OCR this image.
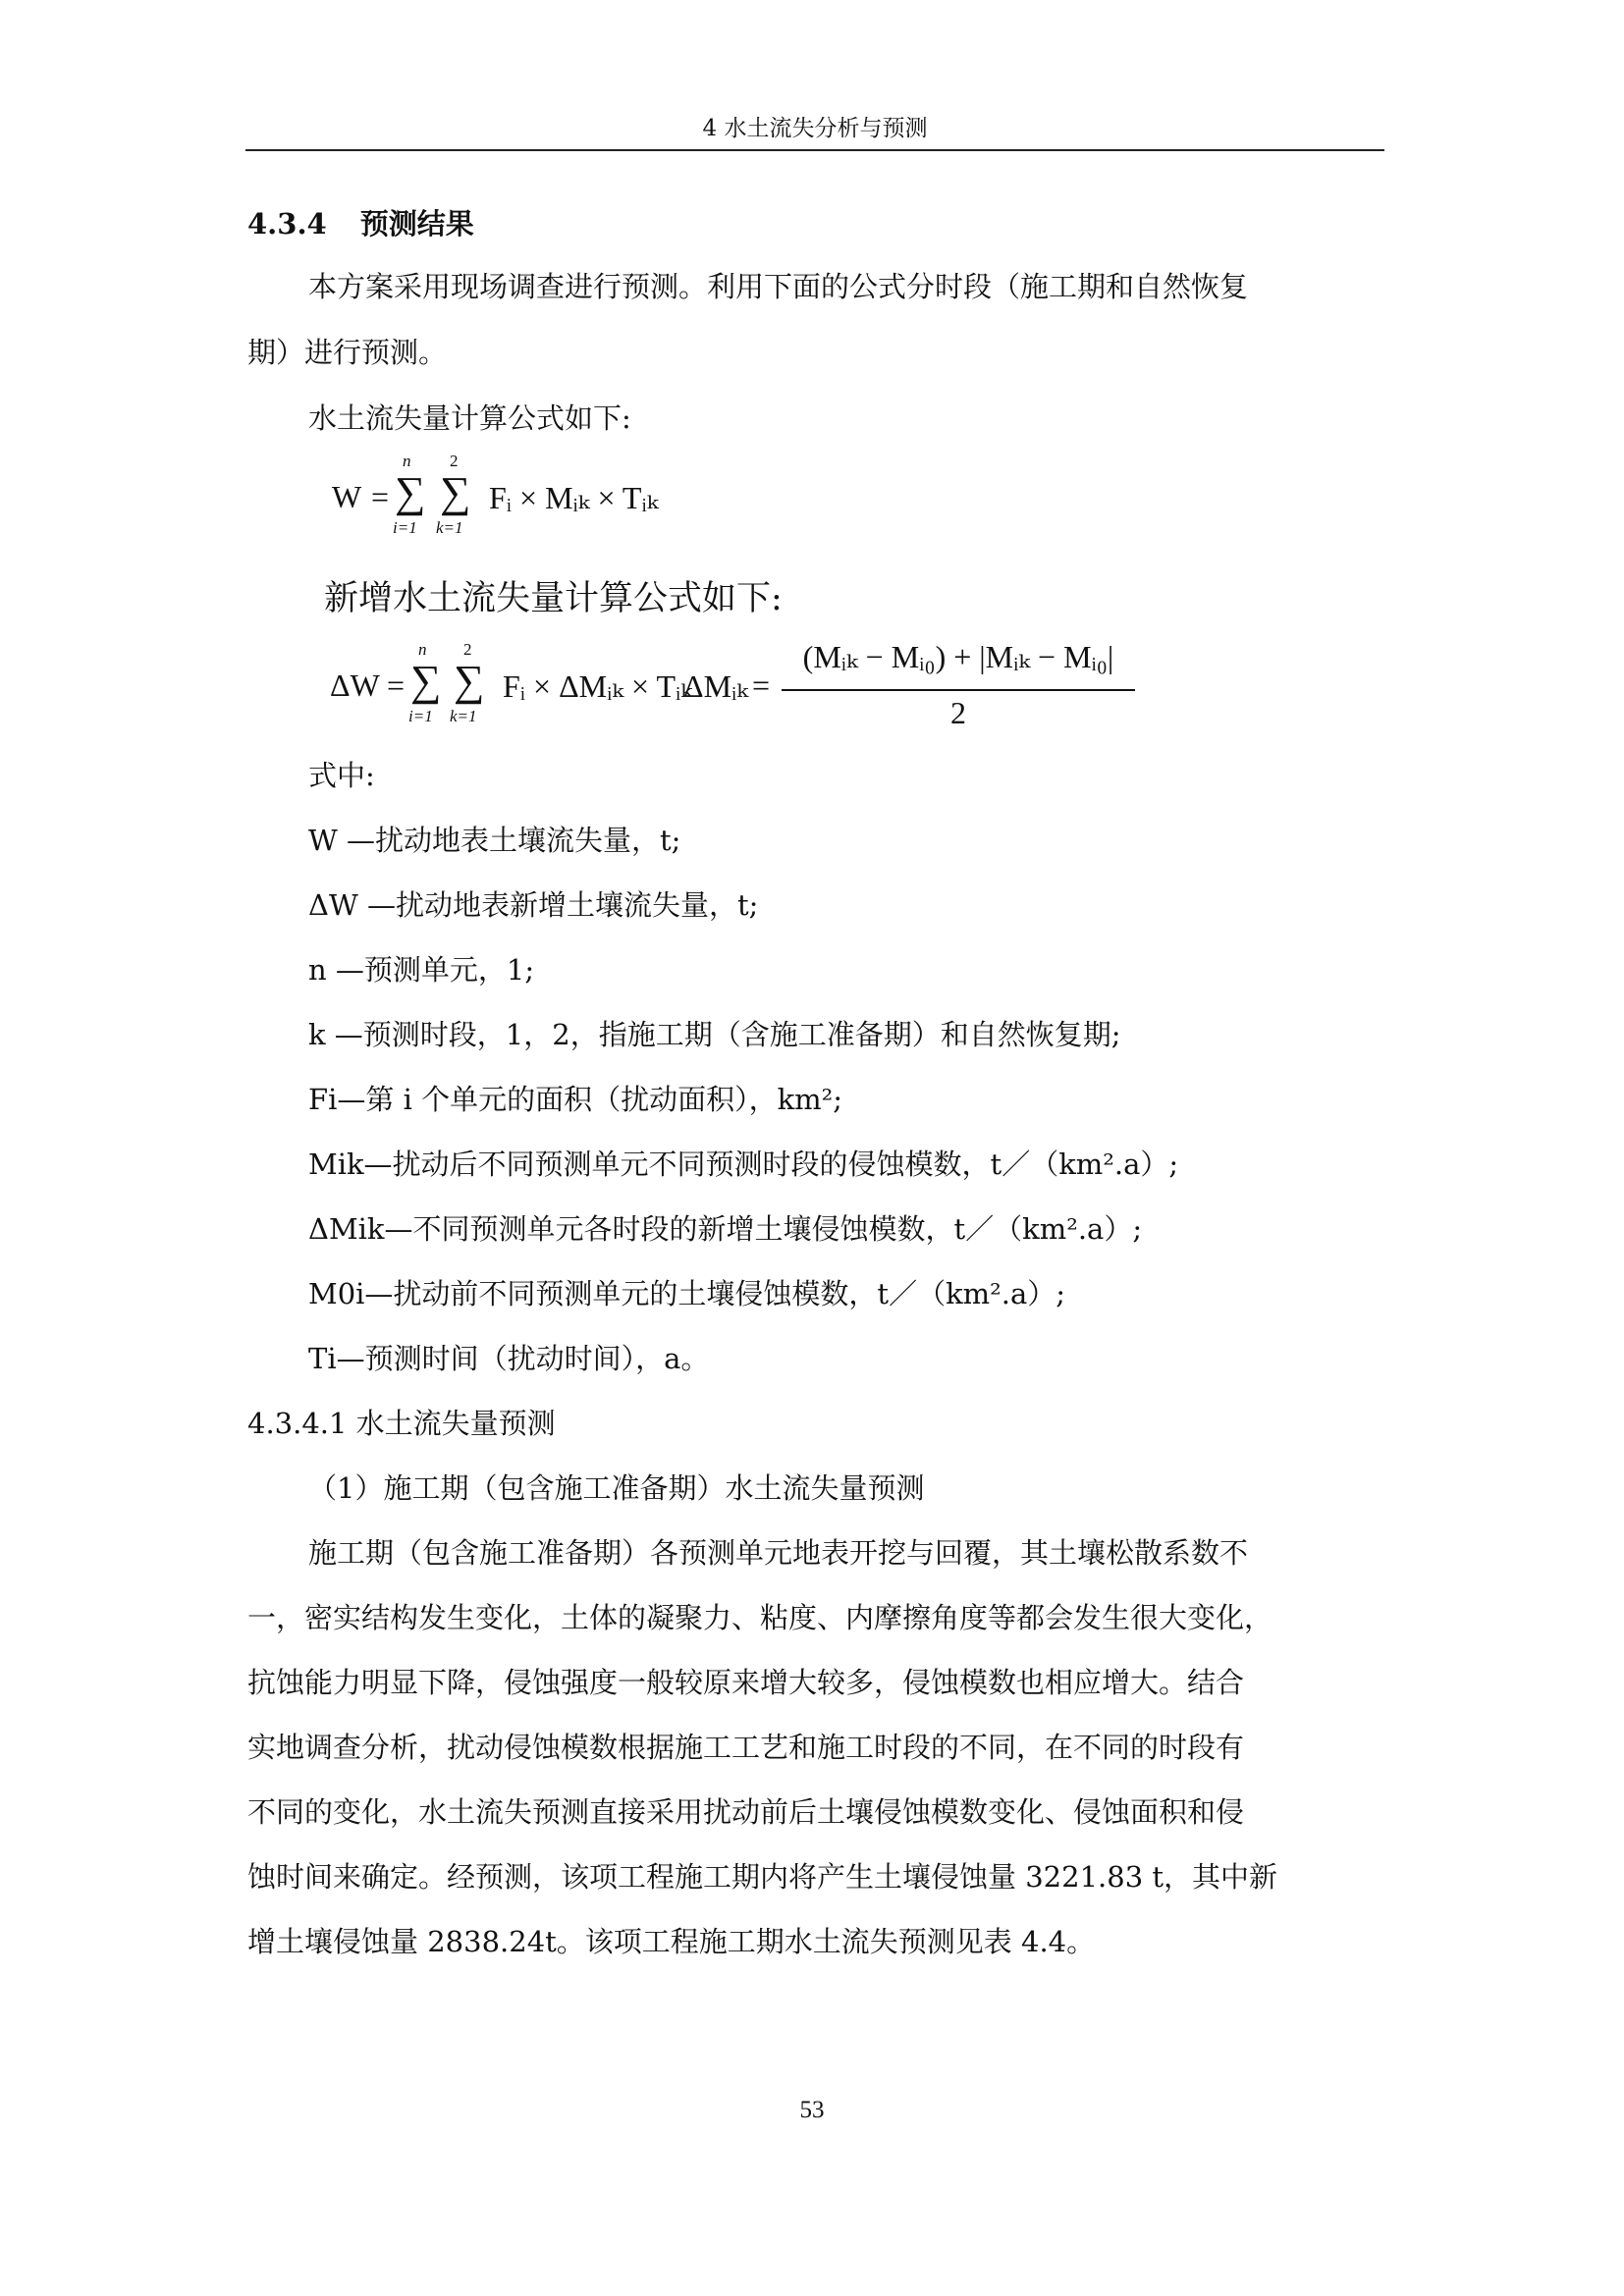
4 水土流失分析与预测
4.3.4 预测结果
本方案采用现场调查进行预测。利用下面的公式分时段（施工期和自然恢复
期）进行预测。
水土流失量计算公式如下:
W = ∑
n
i=1
∑
2
k=1
Fᵢ × Mᵢₖ × Tᵢₖ
新增水土流失量计算公式如下:
ΔW = ∑
n
i=1
∑
2
k=1
Fᵢ × ΔMᵢₖ × Tᵢₖ
ΔMᵢₖ =
(Mᵢₖ − Mᵢ₀) + |Mᵢₖ − Mᵢ₀|
2
式中:
W —扰动地表土壤流失量，t;
ΔW —扰动地表新增土壤流失量，t;
n —预测单元，1;
k —预测时段，1，2，指施工期（含施工准备期）和自然恢复期;
Fi—第 i 个单元的面积（扰动面积），km²;
Mik—扰动后不同预测单元不同预测时段的侵蚀模数，t／（km².a）;
ΔMik—不同预测单元各时段的新增土壤侵蚀模数，t／（km².a）;
M0i—扰动前不同预测单元的土壤侵蚀模数，t／（km².a）;
Ti—预测时间（扰动时间），a。
4.3.4.1 水土流失量预测
（1）施工期（包含施工准备期）水土流失量预测
施工期（包含施工准备期）各预测单元地表开挖与回覆，其土壤松散系数不
一，密实结构发生变化，土体的凝聚力、粘度、内摩擦角度等都会发生很大变化，
抗蚀能力明显下降，侵蚀强度一般较原来增大较多，侵蚀模数也相应增大。结合
实地调查分析，扰动侵蚀模数根据施工工艺和施工时段的不同，在不同的时段有
不同的变化，水土流失预测直接采用扰动前后土壤侵蚀模数变化、侵蚀面积和侵
蚀时间来确定。经预测，该项工程施工期内将产生土壤侵蚀量 3221.83 t，其中新
增土壤侵蚀量 2838.24t。该项工程施工期水土流失预测见表 4.4。
53
